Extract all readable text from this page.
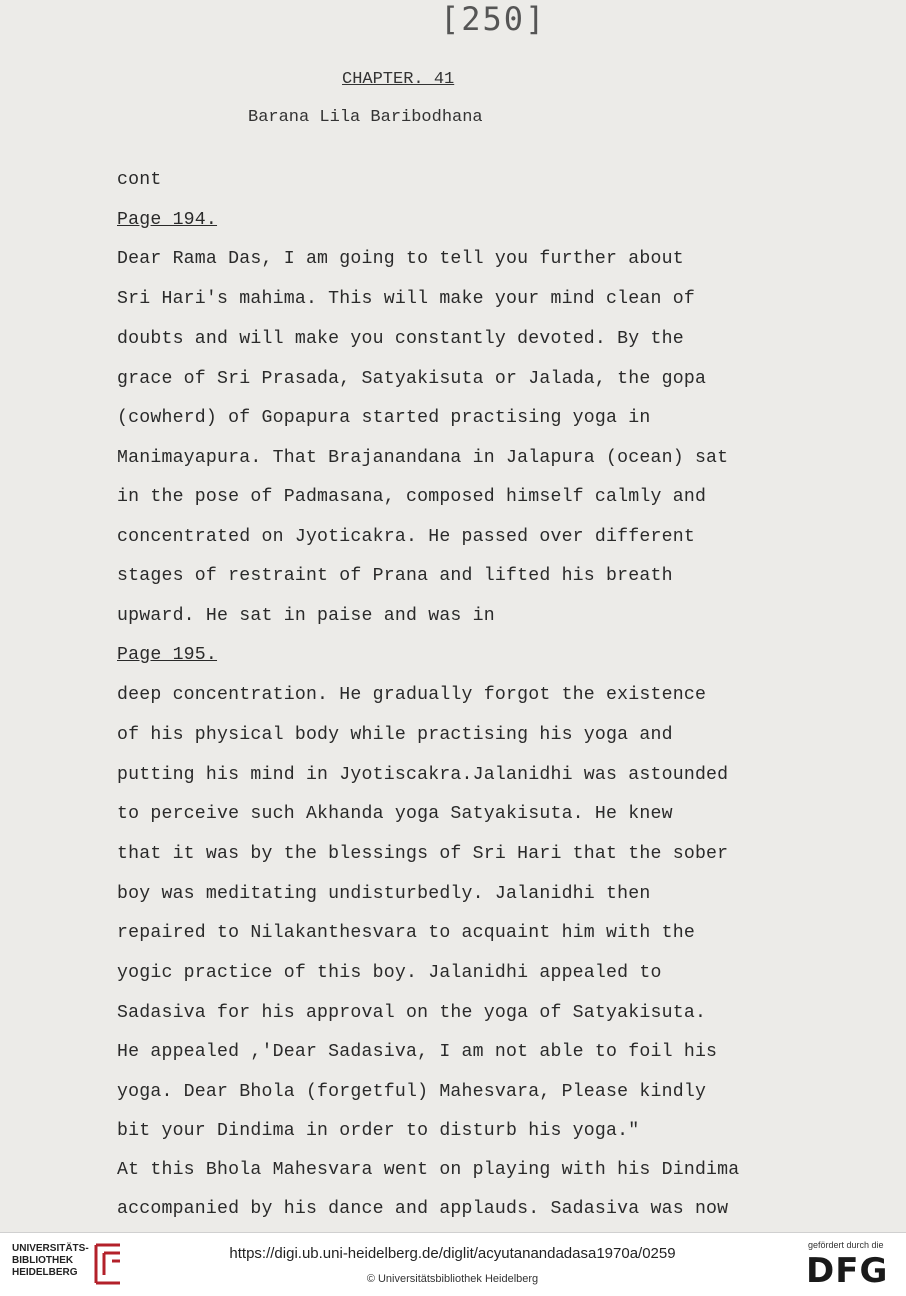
[250]
CHAPTER. 41
Barana Lila Baribodhana
cont
Page 194.
Dear Rama Das, I am going to tell you further about
Sri Hari's mahima. This will make your mind clean of
doubts and will make you constantly devoted. By the
grace of Sri Prasada, Satyakisuta or Jalada, the gopa
(cowherd) of Gopapura started practising yoga in
Manimayapura. That Brajanandana in Jalapura (ocean) sat
in the pose of Padmasana, composed himself calmly and
concentrated on Jyoticakra. He passed over different
stages of restraint of Prana and lifted his breath
upward. He sat in paise and was in
Page 195.
deep concentration. He gradually forgot the existence
of his physical body while practising his yoga and
putting his mind in Jyotiscakra.Jalanidhi was astounded
to perceive such Akhanda yoga Satyakisuta. He knew
that it was by the blessings of Sri Hari that the sober
boy was meditating undisturbedly. Jalanidhi then
repaired to Nilakanthesvara to acquaint him with the
yogic practice of this boy. Jalanidhi appealed to
Sadasiva for his approval on the yoga of Satyakisuta.
He appealed ,'Dear Sadasiva, I am not able to foil his
yoga. Dear Bhola (forgetful) Mahesvara, Please kindly
bit your Dindima in order to disturb his yoga."
At this Bhola Mahesvara went on playing with his Dindima
accompanied by his dance and applauds. Sadasiva was now
UNIVERSITÄTS-
BIBLIOTHEK
HEIDELBERG
https://digi.ub.uni-heidelberg.de/diglit/acyutanandadasa1970a/0259
© Universitätsbibliothek Heidelberg
gefördert durch die
DFG
